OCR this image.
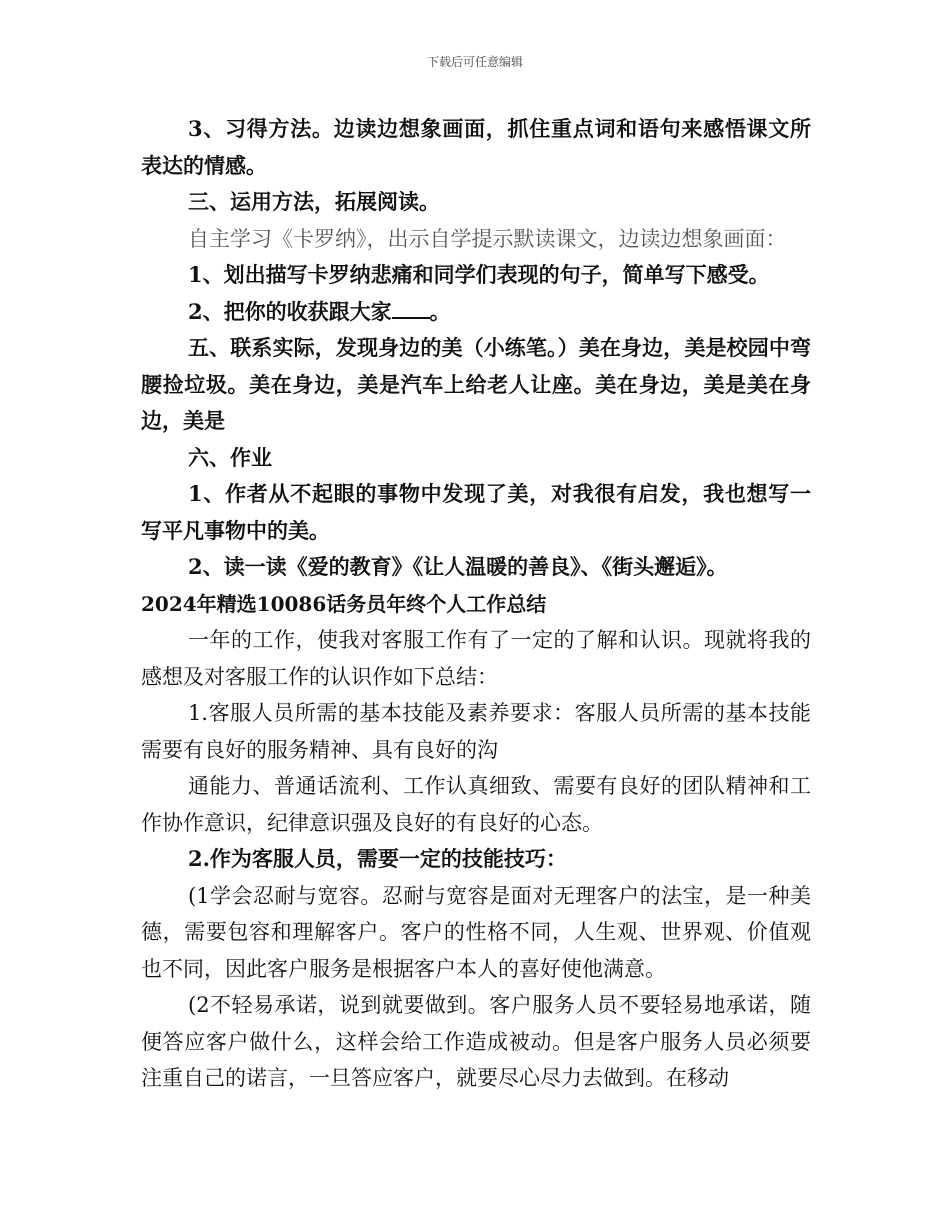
下载后可任意编辑

3、习得方法。边读边想象画面，抓住重点词和语句来感悟课文所表达的情感。

三、运用方法，拓展阅读。

自主学习《卡罗纳》，出示自学提示默读课文，边读边想象画面：

1、划出描写卡罗纳悲痛和同学们表现的句子，简单写下感受。

2、把你的收获跟大家 。

五、联系实际，发现身边的美（小练笔。）美在身边，美是校园中弯腰捡垃圾。美在身边，美是汽车上给老人让座。美在身边，美是美在身边，美是

六、作业

1、作者从不起眼的事物中发现了美，对我很有启发，我也想写一写平凡事物中的美。

2、读一读《爱的教育》《让人温暖的善良》、《街头邂逅》。

2024年精选10086话务员年终个人工作总结

一年的工作，使我对客服工作有了一定的了解和认识。现就将我的感想及对客服工作的认识作如下总结：

1.客服人员所需的基本技能及素养要求：客服人员所需的基本技能需要有良好的服务精神、具有良好的沟

通能力、普通话流利、工作认真细致、需要有良好的团队精神和工作协作意识，纪律意识强及良好的有良好的心态。

2.作为客服人员，需要一定的技能技巧：

(1学会忍耐与宽容。忍耐与宽容是面对无理客户的法宝，是一种美德，需要包容和理解客户。客户的性格不同，人生观、世界观、价值观也不同，因此客户服务是根据客户本人的喜好使他满意。

(2不轻易承诺，说到就要做到。客户服务人员不要轻易地承诺，随便答应客户做什么，这样会给工作造成被动。但是客户服务人员必须要注重自己的诺言，一旦答应客户，就要尽心尽力去做到。在移动
